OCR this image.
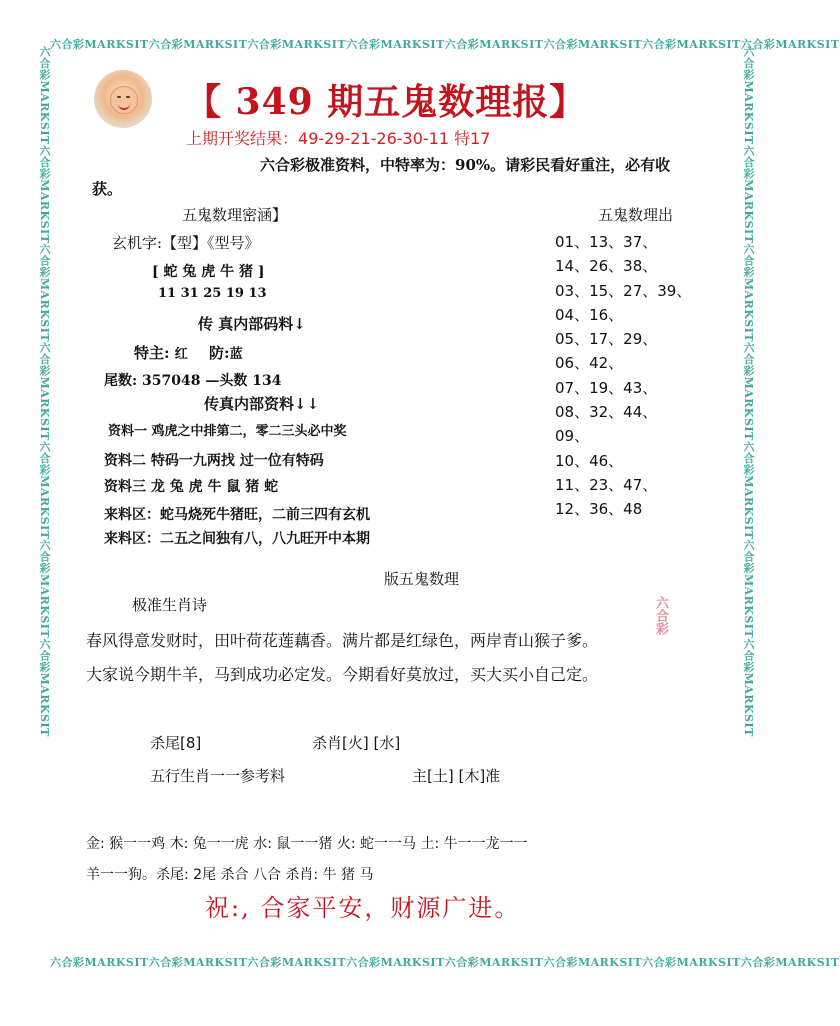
六合彩MARKSIT六合彩MARKSIT六合彩MARKSIT六合彩MARKSIT六合彩MARKSIT六合彩MARKSIT六合彩MARKSIT六合彩MARKSIT
六合彩MARKSIT六合彩MARKSIT六合彩MARKSIT六合彩MARKSIT六合彩MARKSIT六合彩MARKSIT六合彩MARKSIT六合彩MARKSIT
六合彩MARKSIT六合彩MARKSIT六合彩MARKSIT六合彩MARKSIT六合彩MARKSIT六合彩MARKSIT六合彩MARKSIT	六合彩MARKSIT六合彩MARKSIT六合彩MARKSIT六合彩MARKSIT六合彩MARKSIT六合彩MARKSIT六合彩MARKSIT
【 349 期五鬼数理报】
上期开奖结果：49-29-21-26-30-11 特17
六合彩极准资料，中特率为：90%。请彩民看好重注，必有收
获。
五鬼数理密涵】
玄机字:【型】《型号》
[ 蛇 兔 虎 牛 猪 ]
11 31 25 19 13
传 真内部码料↓
特主: 红 防:蓝
尾数: 357048 —头数 134
传真内部资料↓↓
资料一 鸡虎之中排第二，零二三头必中奖
资料二 特码一九两找 过一位有特码
资料三 龙 兔 虎 牛 鼠 猪 蛇
来料区：蛇马烧死牛猪旺，二前三四有玄机
来料区：二五之间独有八，八九旺开中本期
五鬼数理出
01、13、37、
14、26、38、
03、15、27、39、
04、16、
05、17、29、
06、42、
07、19、43、
08、32、44、
09、
10、46、
11、23、47、
12、36、48
版五鬼数理
极准生肖诗
春风得意发财时，田叶荷花莲藕香。满片都是红绿色，两岸青山猴子爹。
大家说今期牛羊，马到成功必定发。今期看好莫放过，买大买小自己定。
六合彩
杀尾[8]	杀肖[火] [水]
五行生肖一一参考料	主[土] [木]准
金: 猴一一鸡 木: 兔一一虎 水: 鼠一一猪 火: 蛇一一马 土: 牛一一龙一一
羊一一狗。杀尾: 2尾 杀合 八合 杀肖: 牛 猪 马
祝:, 合家平安，财源广进。
